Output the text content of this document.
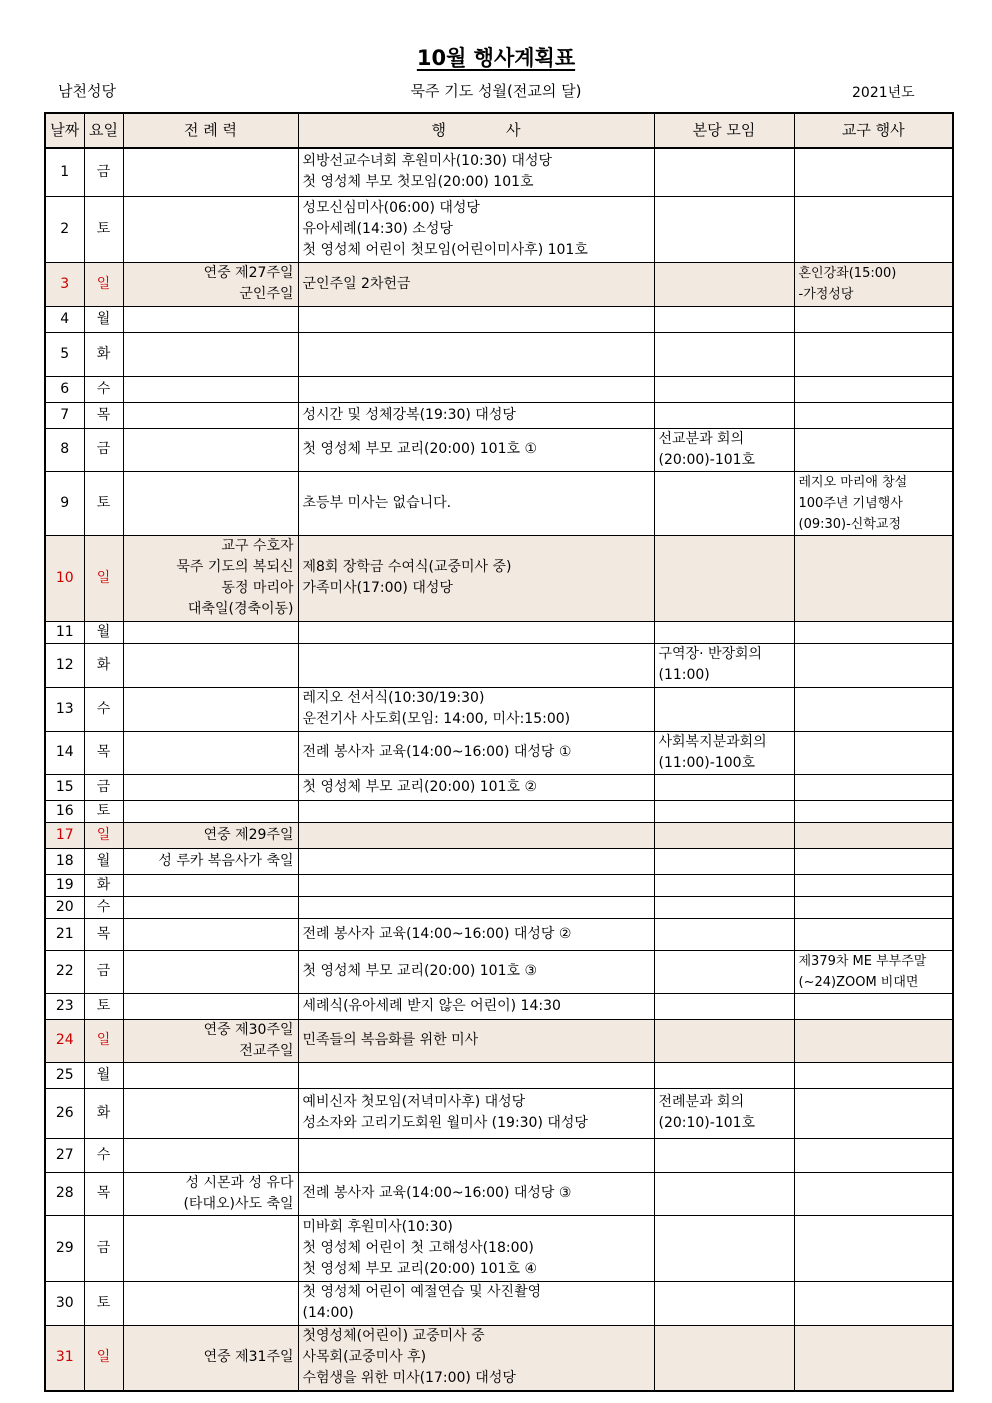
10월 행사계획표
남천성당	묵주 기도 성월(전교의 달)	2021년도
날짜	요일	전 례 력	행　　　　사	본당 모임	교구 행사
1	금		외방선교수녀회 후원미사(10:30) 대성당
첫 영성체 부모 첫모임(20:00) 101호		
2	토		성모신심미사(06:00) 대성당
유아세례(14:30) 소성당
첫 영성체 어린이 첫모임(어린이미사후) 101호		
3	일	연중 제27주일
군인주일	군인주일 2차헌금		혼인강좌(15:00)
-가정성당
4	월				
5	화				
6	수				
7	목		성시간 및 성체강복(19:30) 대성당		
8	금		첫 영성체 부모 교리(20:00) 101호 ①	선교분과 회의
(20:00)-101호	
9	토		초등부 미사는 없습니다.		레지오 마리애 창설
100주년 기념행사
(09:30)-신학교정
10	일	교구 수호자
묵주 기도의 복되신
동정 마리아
대축일(경축이동)	제8회 장학금 수여식(교중미사 중)
가족미사(17:00) 대성당		
11	월				
12	화			구역장· 반장회의
(11:00)	
13	수		레지오 선서식(10:30/19:30)
운전기사 사도회(모임: 14:00, 미사:15:00)		
14	목		전례 봉사자 교육(14:00~16:00) 대성당 ①	사회복지분과회의
(11:00)-100호	
15	금		첫 영성체 부모 교리(20:00) 101호 ②		
16	토				
17	일	연중 제29주일			
18	월	성 루카 복음사가 축일			
19	화				
20	수				
21	목		전례 봉사자 교육(14:00~16:00) 대성당 ②		
22	금		첫 영성체 부모 교리(20:00) 101호 ③		제379차 ME 부부주말
(~24)ZOOM 비대면
23	토		세례식(유아세례 받지 않은 어린이) 14:30		
24	일	연중 제30주일
전교주일	민족들의 복음화를 위한 미사		
25	월				
26	화		예비신자 첫모임(저녁미사후) 대성당
성소자와 고리기도회원 월미사 (19:30) 대성당	전례분과 회의
(20:10)-101호	
27	수				
28	목	성 시몬과 성 유다
(타대오)사도 축일	전례 봉사자 교육(14:00~16:00) 대성당 ③		
29	금		미바회 후원미사(10:30)
첫 영성체 어린이 첫 고해성사(18:00)
첫 영성체 부모 교리(20:00) 101호 ④		
30	토		첫 영성체 어린이 예절연습 및 사진촬영
(14:00)		
31	일	연중 제31주일	첫영성체(어린이) 교중미사 중
사목회(교중미사 후)
수험생을 위한 미사(17:00) 대성당		
